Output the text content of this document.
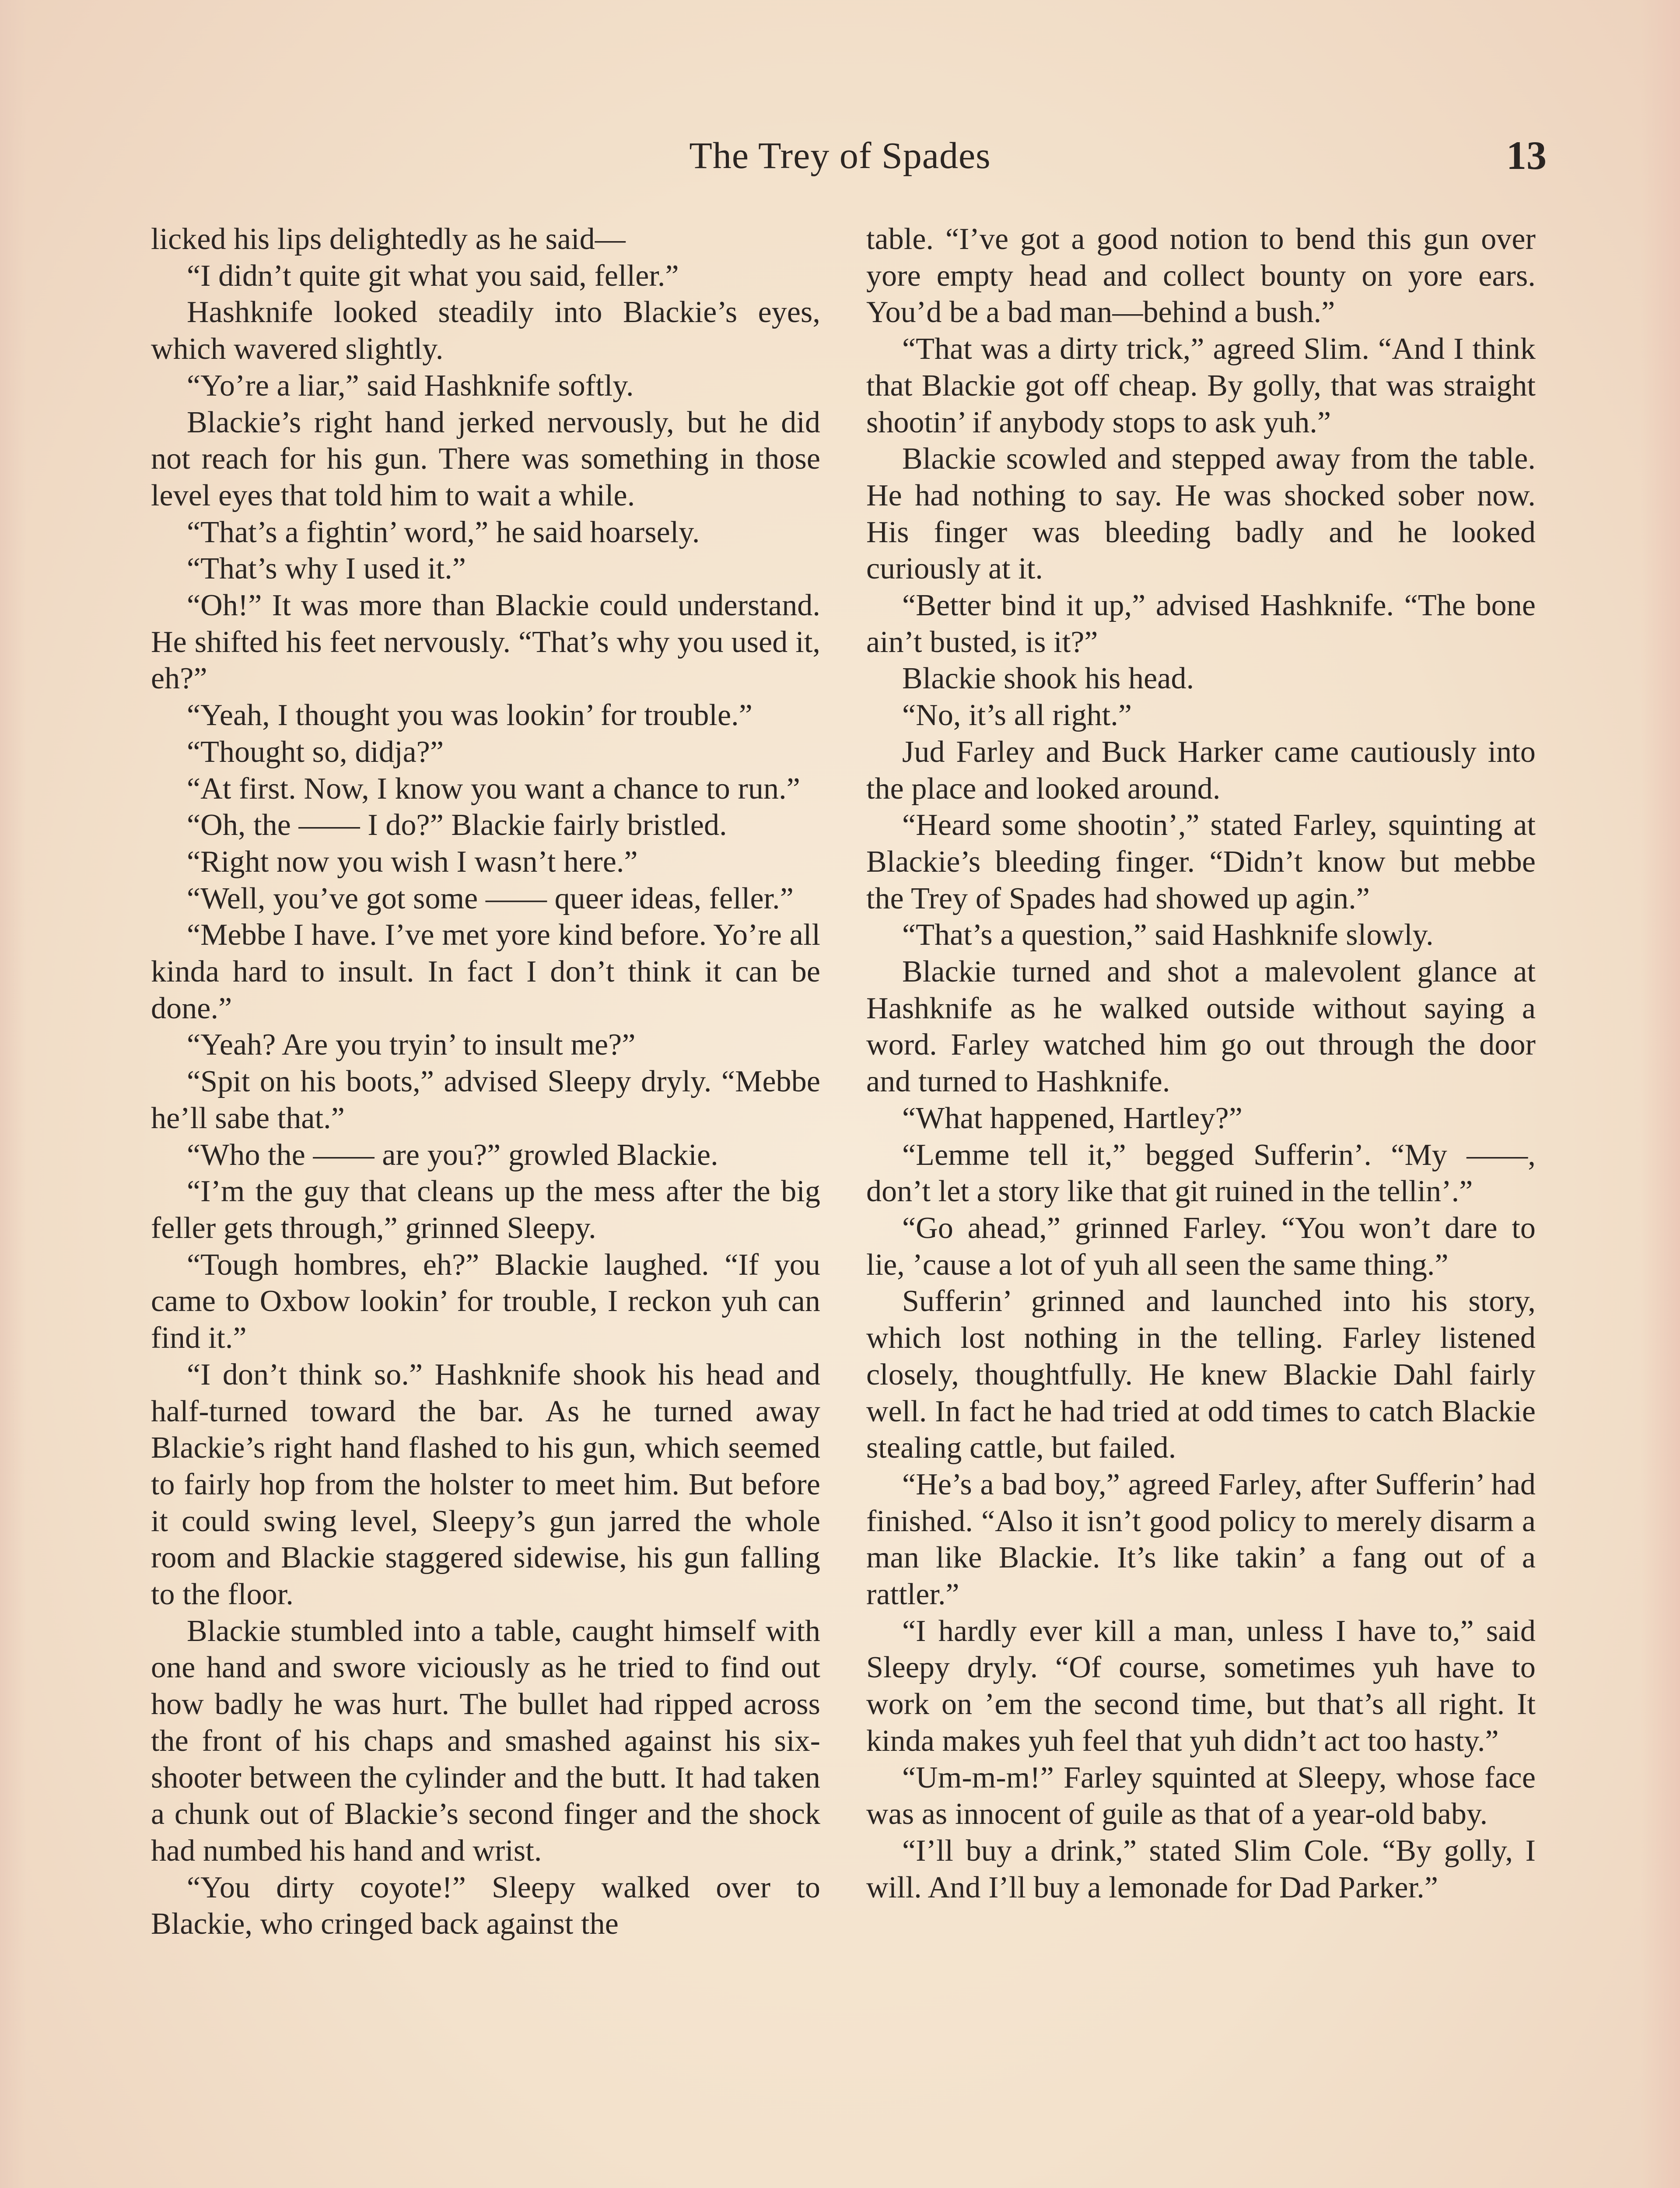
The Trey of Spades	13

licked his lips delightedly as he said—

“I didn’t quite git what you said, feller.”

Hashknife looked steadily into Blackie’s eyes, which wavered slightly.

“Yo’re a liar,” said Hashknife softly.

Blackie’s right hand jerked nervously, but he did not reach for his gun. There was something in those level eyes that told him to wait a while.

“That’s a fightin’ word,” he said hoarsely.

“That’s why I used it.”

“Oh!” It was more than Blackie could understand. He shifted his feet nervously. “That’s why you used it, eh?”

“Yeah, I thought you was lookin’ for trouble.”

“Thought so, didja?”

“At first. Now, I know you want a chance to run.”

“Oh, the —— I do?” Blackie fairly bristled.

“Right now you wish I wasn’t here.”

“Well, you’ve got some —— queer ideas, feller.”

“Mebbe I have. I’ve met yore kind before. Yo’re all kinda hard to insult. In fact I don’t think it can be done.”

“Yeah? Are you tryin’ to insult me?”

“Spit on his boots,” advised Sleepy dryly. “Mebbe he’ll sabe that.”

“Who the —— are you?” growled Blackie.

“I’m the guy that cleans up the mess after the big feller gets through,” grinned Sleepy.

“Tough hombres, eh?” Blackie laughed. “If you came to Oxbow lookin’ for trouble, I reckon yuh can find it.”

“I don’t think so.” Hashknife shook his head and half-turned toward the bar. As he turned away Blackie’s right hand flashed to his gun, which seemed to fairly hop from the holster to meet him. But before it could swing level, Sleepy’s gun jarred the whole room and Blackie staggered sidewise, his gun falling to the floor.

Blackie stumbled into a table, caught himself with one hand and swore viciously as he tried to find out how badly he was hurt. The bullet had ripped across the front of his chaps and smashed against his six-shooter between the cylinder and the butt. It had taken a chunk out of Blackie’s second finger and the shock had numbed his hand and wrist.

“You dirty coyote!” Sleepy walked over to Blackie, who cringed back against the

table. “I’ve got a good notion to bend this gun over yore empty head and collect bounty on yore ears. You’d be a bad man—behind a bush.”

“That was a dirty trick,” agreed Slim. “And I think that Blackie got off cheap. By golly, that was straight shootin’ if anybody stops to ask yuh.”

Blackie scowled and stepped away from the table. He had nothing to say. He was shocked sober now. His finger was bleeding badly and he looked curiously at it.

“Better bind it up,” advised Hashknife. “The bone ain’t busted, is it?”

Blackie shook his head.

“No, it’s all right.”

Jud Farley and Buck Harker came cautiously into the place and looked around.

“Heard some shootin’,” stated Farley, squinting at Blackie’s bleeding finger. “Didn’t know but mebbe the Trey of Spades had showed up agin.”

“That’s a question,” said Hashknife slowly.

Blackie turned and shot a malevolent glance at Hashknife as he walked outside without saying a word. Farley watched him go out through the door and turned to Hashknife.

“What happened, Hartley?”

“Lemme tell it,” begged Sufferin’. “My ——, don’t let a story like that git ruined in the tellin’.”

“Go ahead,” grinned Farley. “You won’t dare to lie, ’cause a lot of yuh all seen the same thing.”

Sufferin’ grinned and launched into his story, which lost nothing in the telling. Farley listened closely, thoughtfully. He knew Blackie Dahl fairly well. In fact he had tried at odd times to catch Blackie stealing cattle, but failed.

“He’s a bad boy,” agreed Farley, after Sufferin’ had finished. “Also it isn’t good policy to merely disarm a man like Blackie. It’s like takin’ a fang out of a rattler.”

“I hardly ever kill a man, unless I have to,” said Sleepy dryly. “Of course, sometimes yuh have to work on ’em the second time, but that’s all right. It kinda makes yuh feel that yuh didn’t act too hasty.”

“Um-m-m!” Farley squinted at Sleepy, whose face was as innocent of guile as that of a year-old baby.

“I’ll buy a drink,” stated Slim Cole. “By golly, I will. And I’ll buy a lemonade for Dad Parker.”
